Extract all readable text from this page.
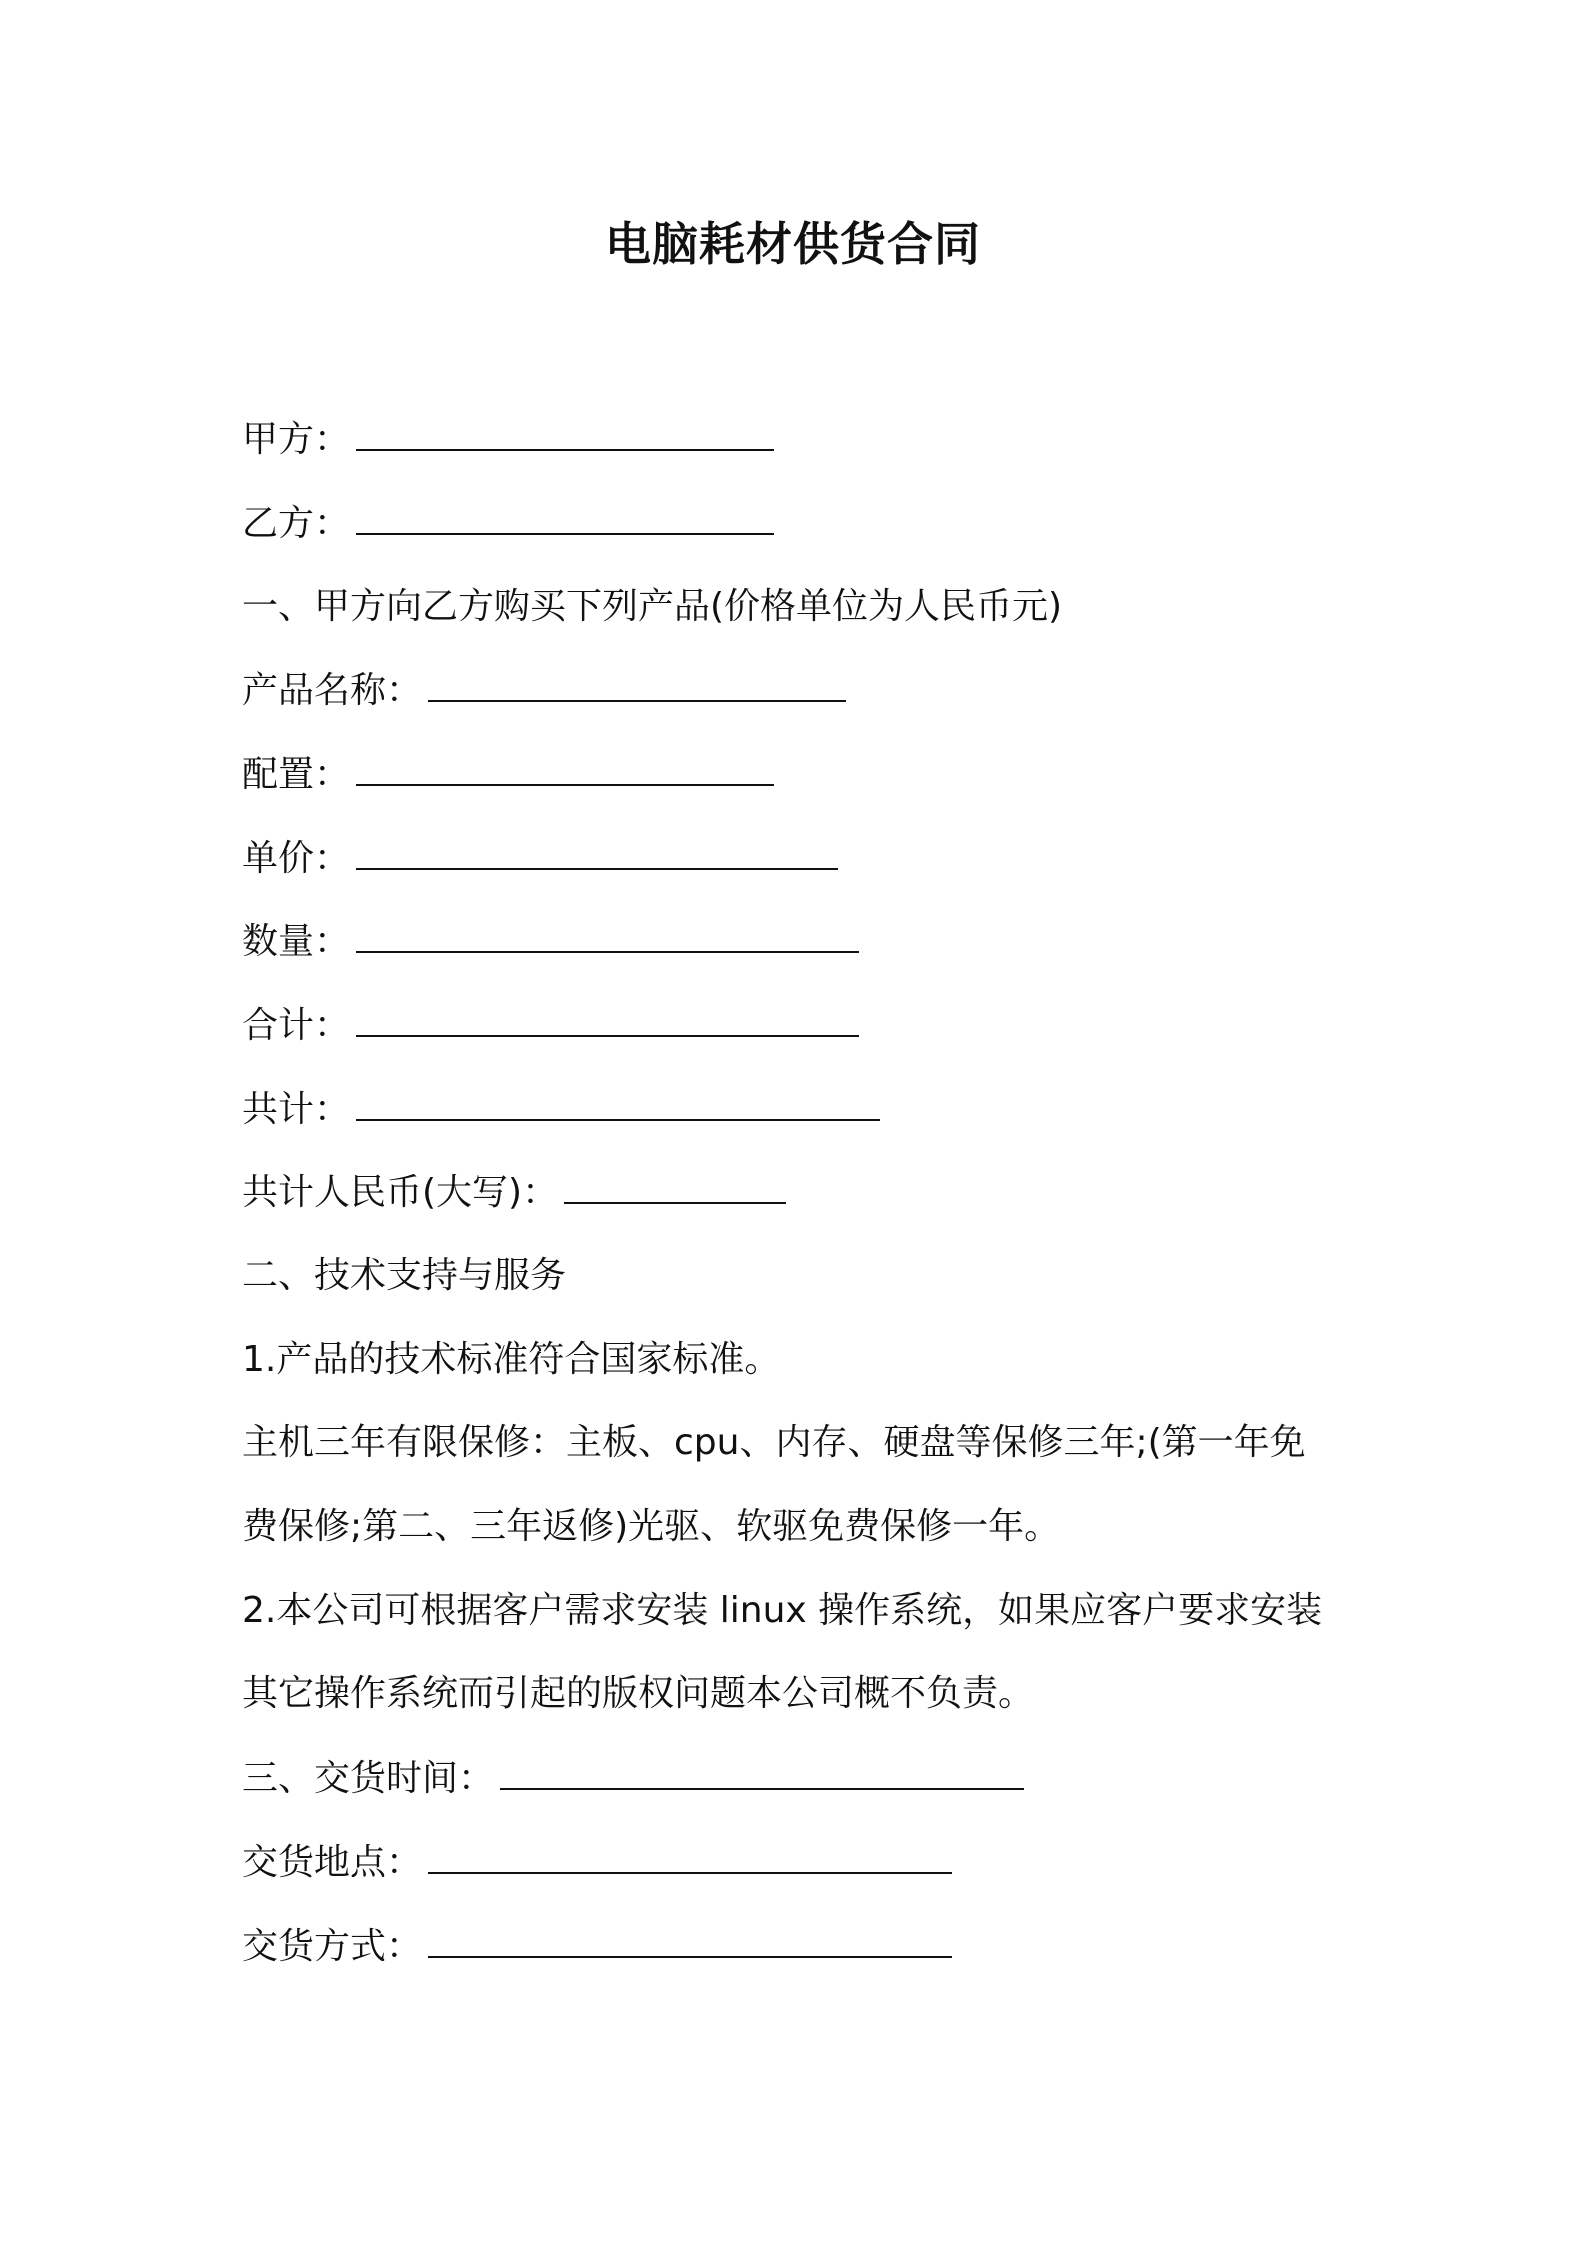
电脑耗材供货合同

甲方：

乙方：

一、甲方向乙方购买下列产品(价格单位为人民币元)

产品名称：

配置：

单价：

数量：

合计：

共计：

共计人民币(大写)：

二、技术支持与服务

1.产品的技术标准符合国家标准。

主机三年有限保修：主板、cpu、内存、硬盘等保修三年;(第一年免

费保修;第二、三年返修)光驱、软驱免费保修一年。

2.本公司可根据客户需求安装 linux 操作系统，如果应客户要求安装

其它操作系统而引起的版权问题本公司概不负责。

三、交货时间：

交货地点：

交货方式：
